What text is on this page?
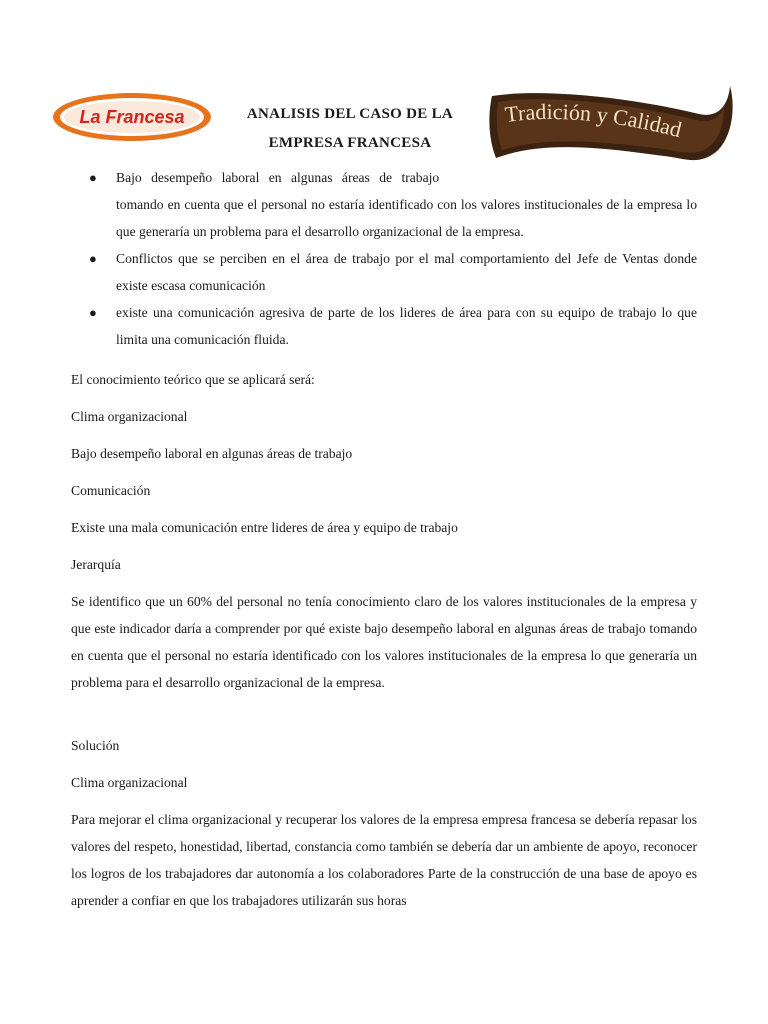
La Francesa	ANALISIS DEL CASO DE LA
EMPRESA FRANCESA
Tradición y Calidad
● Bajo desempeño laboral en algunas áreas de trabajo
tomando en cuenta que el personal no estaría identificado con los valores institucionales de la empresa lo que generaría un problema para el desarrollo organizacional de la empresa.
● Conflictos que se perciben en el área de trabajo por el mal comportamiento del Jefe de Ventas donde existe escasa comunicación
● existe una comunicación agresiva de parte de los lideres de área para con su equipo de trabajo lo que limita una comunicación fluida.

El conocimiento teórico que se aplicará será:

Clima organizacional

Bajo desempeño laboral en algunas áreas de trabajo

Comunicación

Existe una mala comunicación entre lideres de área y equipo de trabajo

Jerarquía

Se identifico que un 60% del personal no tenía conocimiento claro de los valores institucionales de la empresa y que este indicador daría a comprender por qué existe bajo desempeño laboral en algunas áreas de trabajo tomando en cuenta que el personal no estaría identificado con los valores institucionales de la empresa lo que generaría un problema para el desarrollo organizacional de la empresa.

Solución

Clima organizacional

Para mejorar el clima organizacional y recuperar los valores de la empresa empresa francesa se debería repasar los valores del respeto, honestidad, libertad, constancia como también se debería dar un ambiente de apoyo, reconocer los logros de los trabajadores dar autonomía a los colaboradores Parte de la construcción de una base de apoyo es aprender a confiar en que los trabajadores utilizarán sus horas
